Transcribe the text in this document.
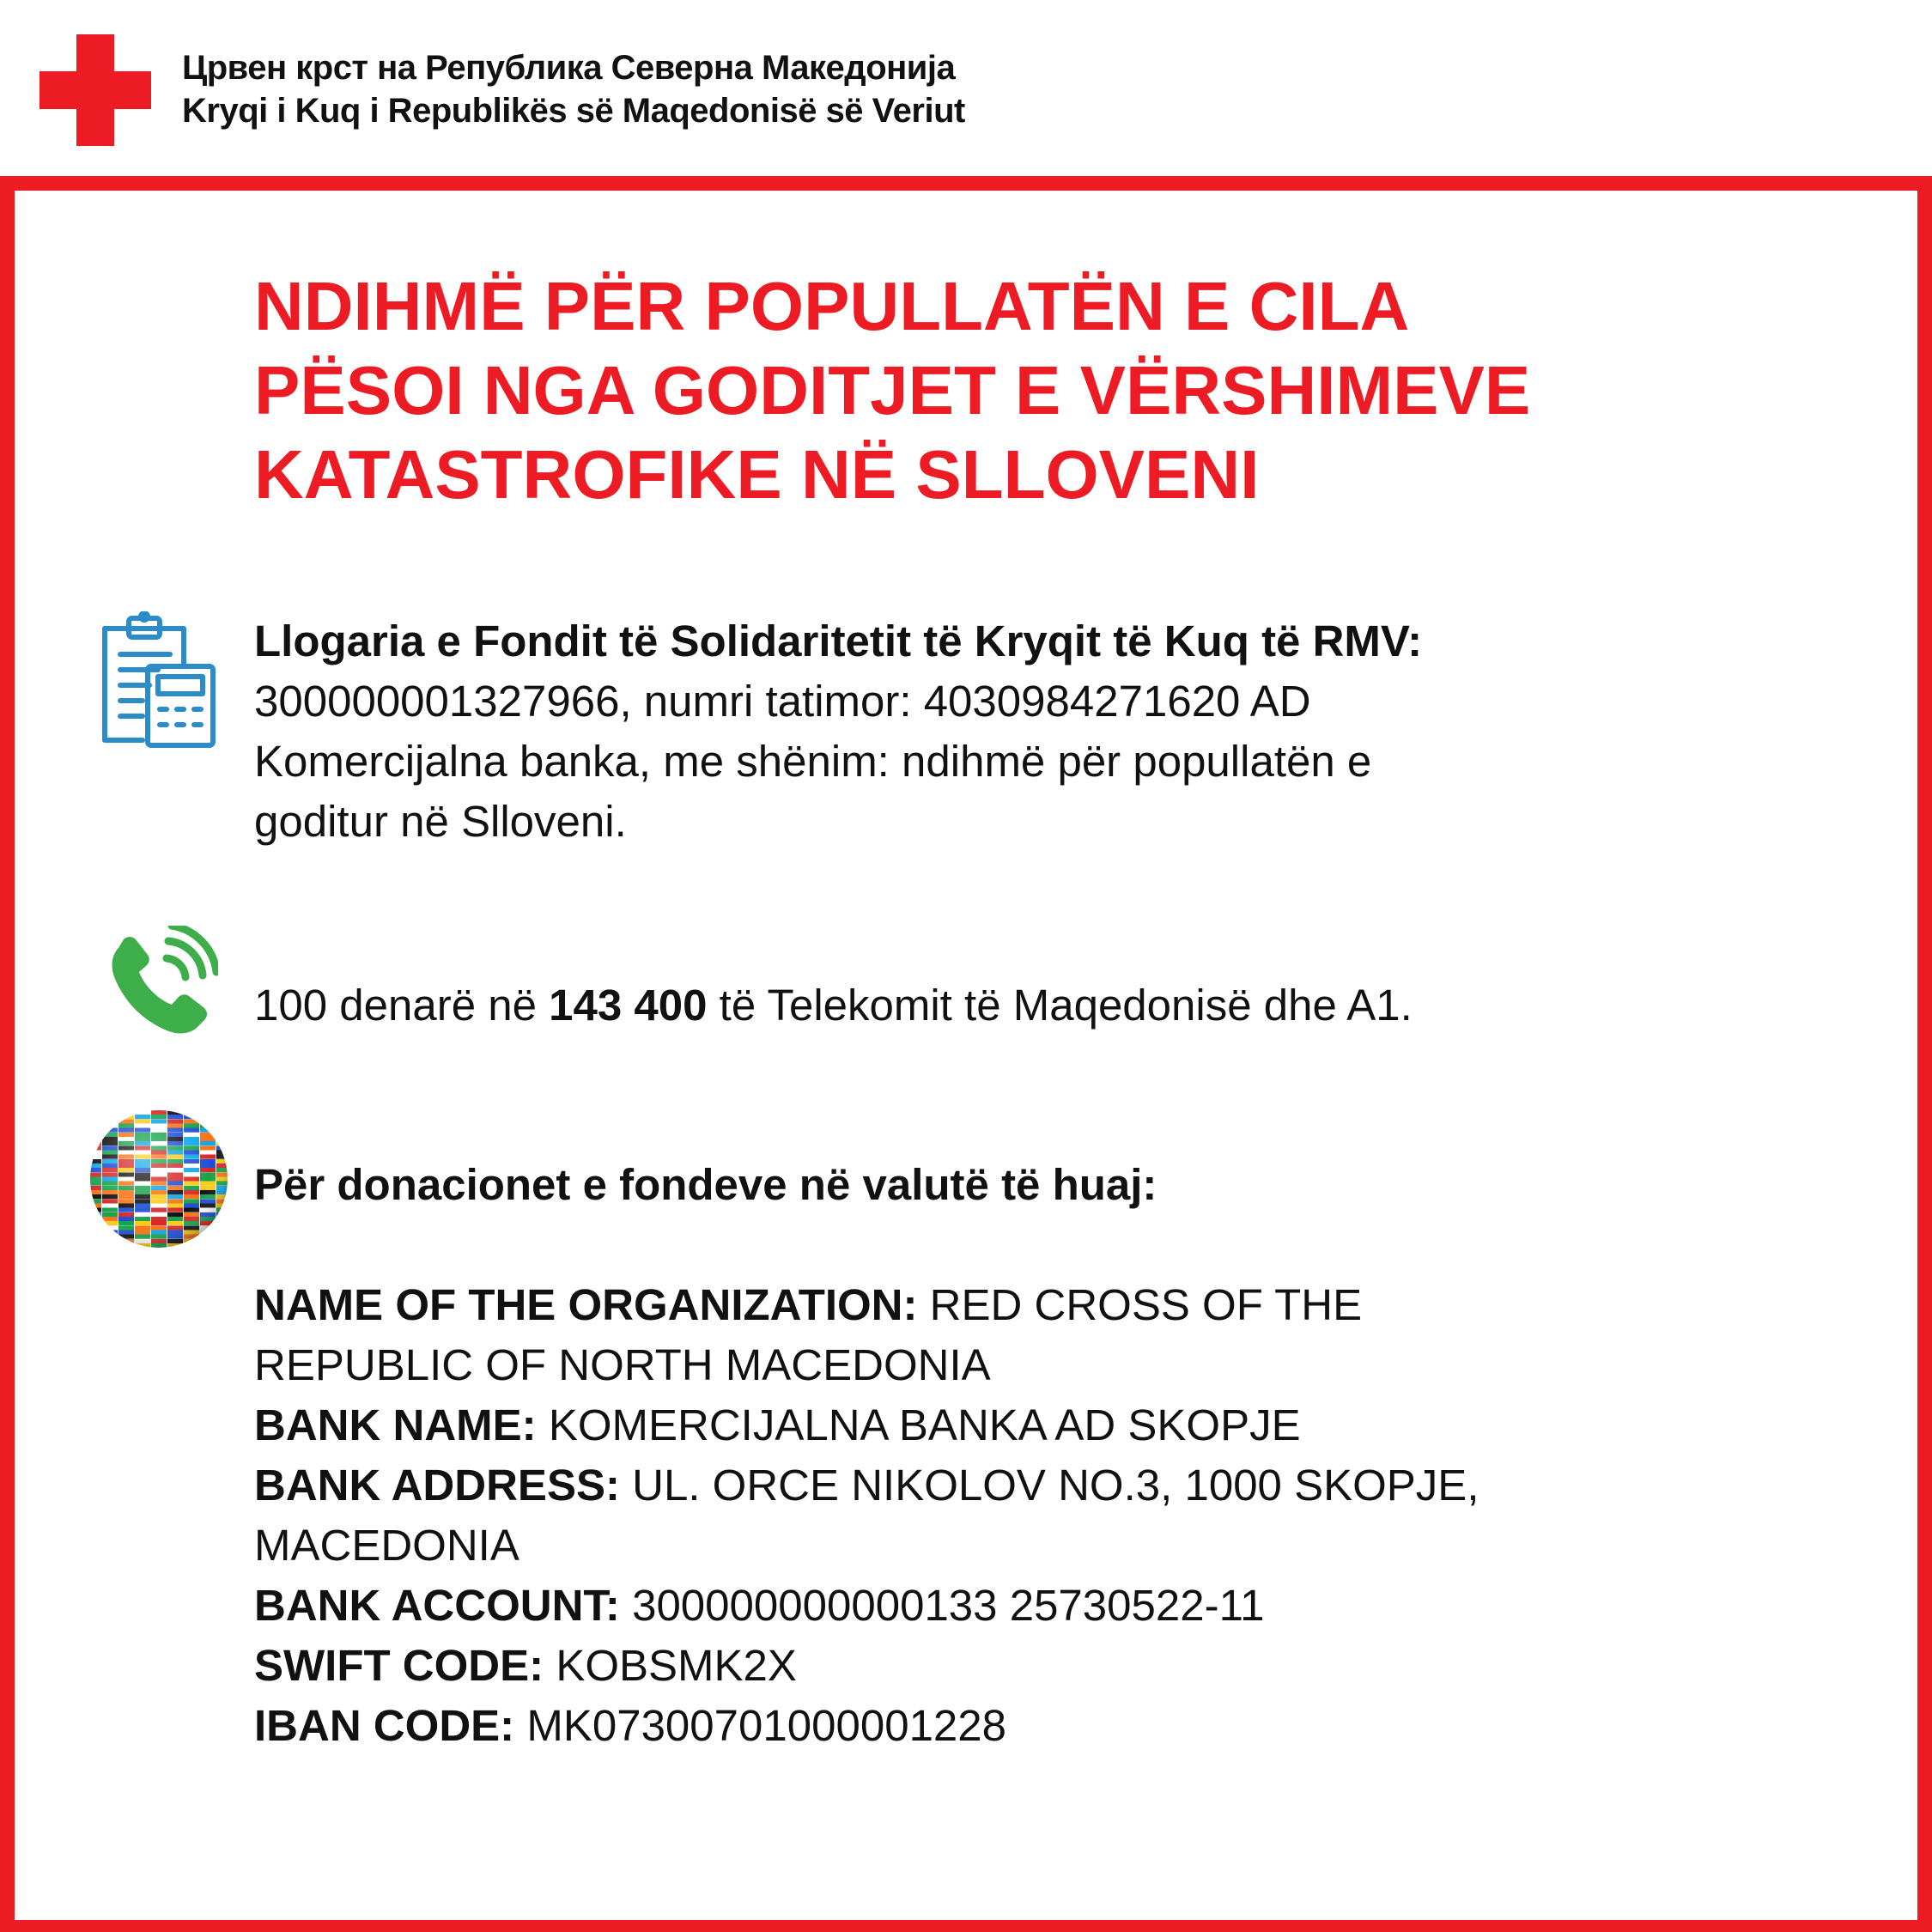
Црвен крст на Република Северна Македонија
Kryqi i Kuq i Republikës së Maqedonisë së Veriut
NDIHMË PËR POPULLATËN E CILA
PËSOI NGA GODITJET E VËRSHIMEVE
KATASTROFIKE NË SLLOVENI
Llogaria e Fondit të Solidaritetit të Kryqit të Kuq të RMV:
300000001327966, numri tatimor: 4030984271620 AD
Komercijalna banka, me shënim: ndihmë për popullatën e
goditur në Slloveni.
100 denarë në 143 400 të Telekomit të Maqedonisë dhe A1.
Për donacionet e fondeve në valutë të huaj:
NAME OF THE ORGANIZATION: RED CROSS OF THE
REPUBLIC OF NORTH MACEDONIA
BANK NAME: KOMERCIJALNA BANKA AD SKOPJE
BANK ADDRESS: UL. ORCE NIKOLOV NO.3, 1000 SKOPJE,
MACEDONIA
BANK ACCOUNT: 300000000000133 25730522-11
SWIFT CODE: KOBSMK2X
IBAN CODE: MK07300701000001228
